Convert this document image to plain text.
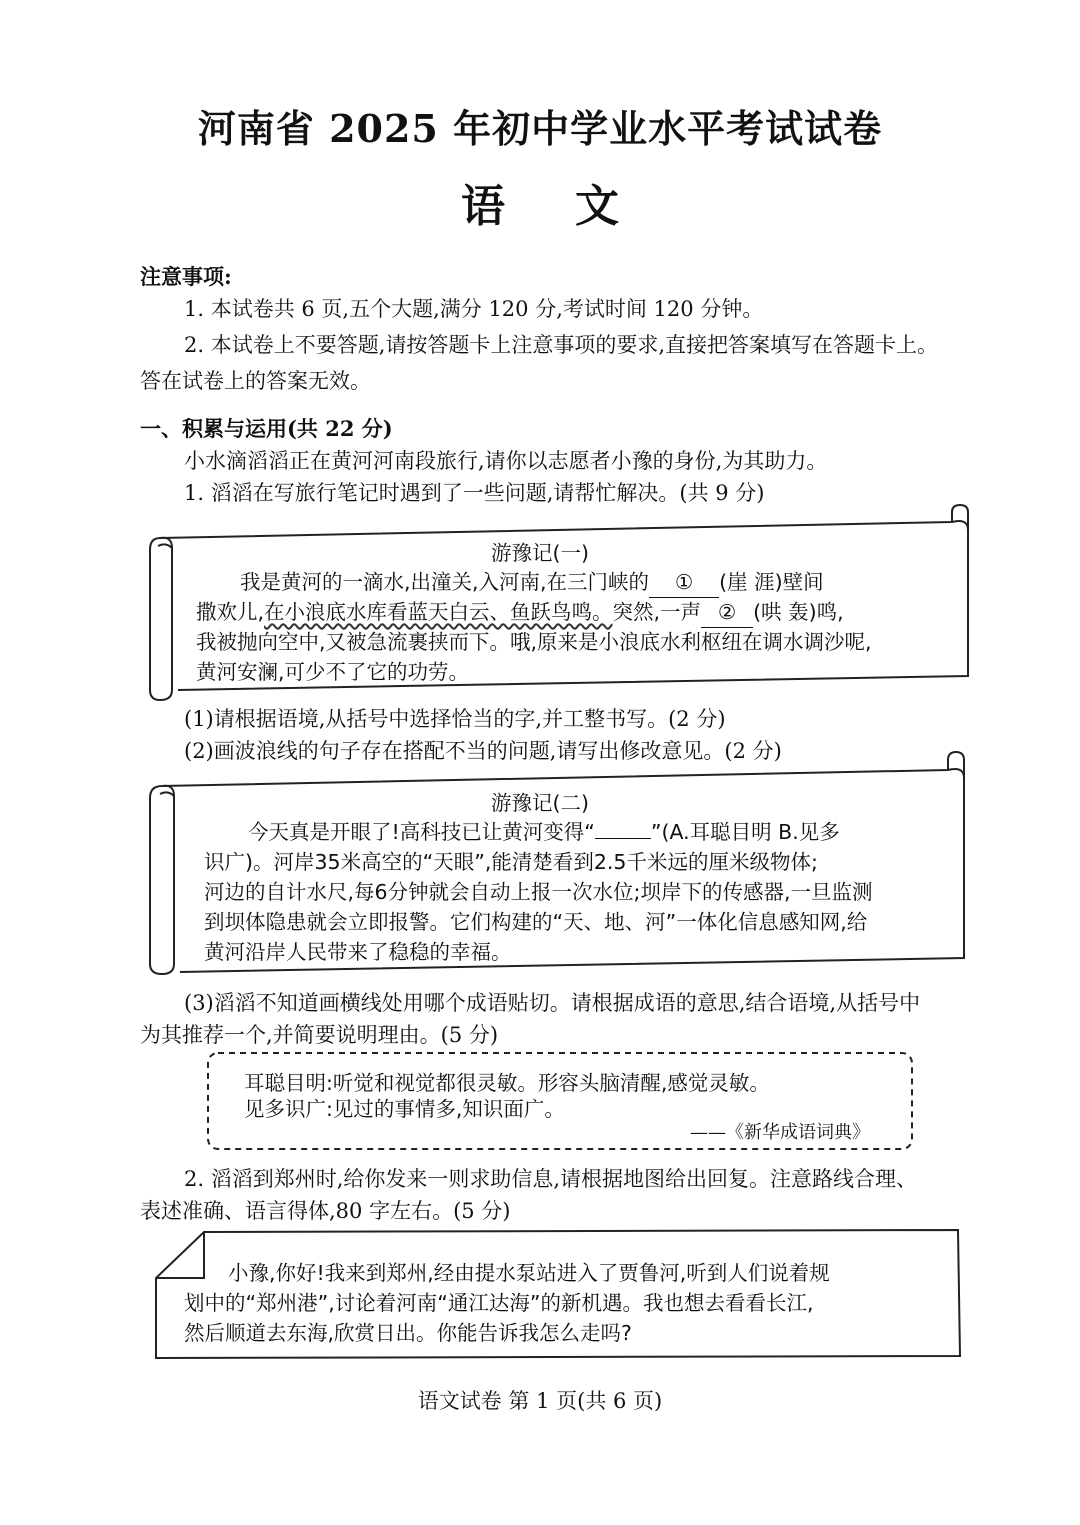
河南省 2025 年初中学业水平考试试卷
语文
注意事项:
1. 本试卷共 6 页,五个大题,满分 120 分,考试时间 120 分钟。
2. 本试卷上不要答题,请按答题卡上注意事项的要求,直接把答案填写在答题卡上。
答在试卷上的答案无效。
一、积累与运用(共 22 分)
小水滴滔滔正在黄河河南段旅行,请你以志愿者小豫的身份,为其助力。
1. 滔滔在写旅行笔记时遇到了一些问题,请帮忙解决。(共 9 分)
游豫记(一)
我是黄河的一滴水,出潼关,入河南,在三门峡的 ① (崖 涯)壁间
撒欢儿,在小浪底水库看蓝天白云、鱼跃鸟鸣。突然,一声 ② (哄 轰)鸣,
我被抛向空中,又被急流裹挟而下。哦,原来是小浪底水利枢纽在调水调沙呢,
黄河安澜,可少不了它的功劳。
(1)请根据语境,从括号中选择恰当的字,并工整书写。(2 分)
(2)画波浪线的句子存在搭配不当的问题,请写出修改意见。(2 分)
游豫记(二)
今天真是开眼了!高科技已让黄河变得“	”(A.耳聪目明 B.见多
识广)。河岸35米高空的“天眼”,能清楚看到2.5千米远的厘米级物体;
河边的自计水尺,每6分钟就会自动上报一次水位;坝岸下的传感器,一旦监测
到坝体隐患就会立即报警。它们构建的“天、地、河”一体化信息感知网,给
黄河沿岸人民带来了稳稳的幸福。
(3)滔滔不知道画横线处用哪个成语贴切。请根据成语的意思,结合语境,从括号中
为其推荐一个,并简要说明理由。(5 分)
耳聪目明:听觉和视觉都很灵敏。形容头脑清醒,感觉灵敏。
见多识广:见过的事情多,知识面广。
——《新华成语词典》
2. 滔滔到郑州时,给你发来一则求助信息,请根据地图给出回复。注意路线合理、
表述准确、语言得体,80 字左右。(5 分)
小豫,你好!我来到郑州,经由提水泵站进入了贾鲁河,听到人们说着规
划中的“郑州港”,讨论着河南“通江达海”的新机遇。我也想去看看长江,
然后顺道去东海,欣赏日出。你能告诉我怎么走吗?
语文试卷 第 1 页(共 6 页)
